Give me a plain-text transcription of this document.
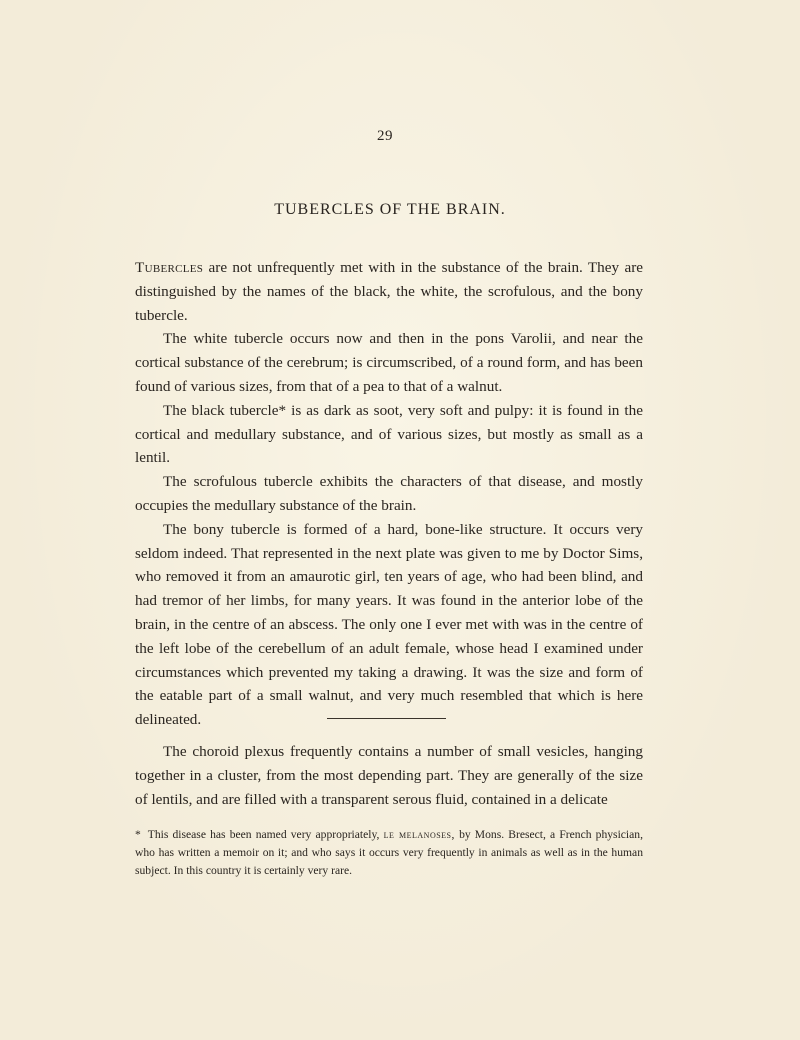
29
TUBERCLES OF THE BRAIN.

Tubercles are not unfrequently met with in the substance of the brain. They are distinguished by the names of the black, the white, the scrofulous, and the bony tubercle.

The white tubercle occurs now and then in the pons Varolii, and near the cortical substance of the cerebrum; is circumscribed, of a round form, and has been found of various sizes, from that of a pea to that of a walnut.

The black tubercle* is as dark as soot, very soft and pulpy: it is found in the cortical and medullary substance, and of various sizes, but mostly as small as a lentil.

The scrofulous tubercle exhibits the characters of that disease, and mostly occupies the medullary substance of the brain.

The bony tubercle is formed of a hard, bone-like structure. It occurs very seldom indeed. That represented in the next plate was given to me by Doctor Sims, who removed it from an amaurotic girl, ten years of age, who had been blind, and had tremor of her limbs, for many years. It was found in the anterior lobe of the brain, in the centre of an abscess. The only one I ever met with was in the centre of the left lobe of the cerebellum of an adult female, whose head I examined under circumstances which prevented my taking a drawing. It was the size and form of the eatable part of a small walnut, and very much resembled that which is here delineated.

The choroid plexus frequently contains a number of small vesicles, hanging together in a cluster, from the most depending part. They are generally of the size of lentils, and are filled with a transparent serous fluid, contained in a delicate

* This disease has been named very appropriately, le melanoses, by Mons. Bresect, a French physician, who has written a memoir on it; and who says it occurs very frequently in animals as well as in the human subject. In this country it is certainly very rare.
